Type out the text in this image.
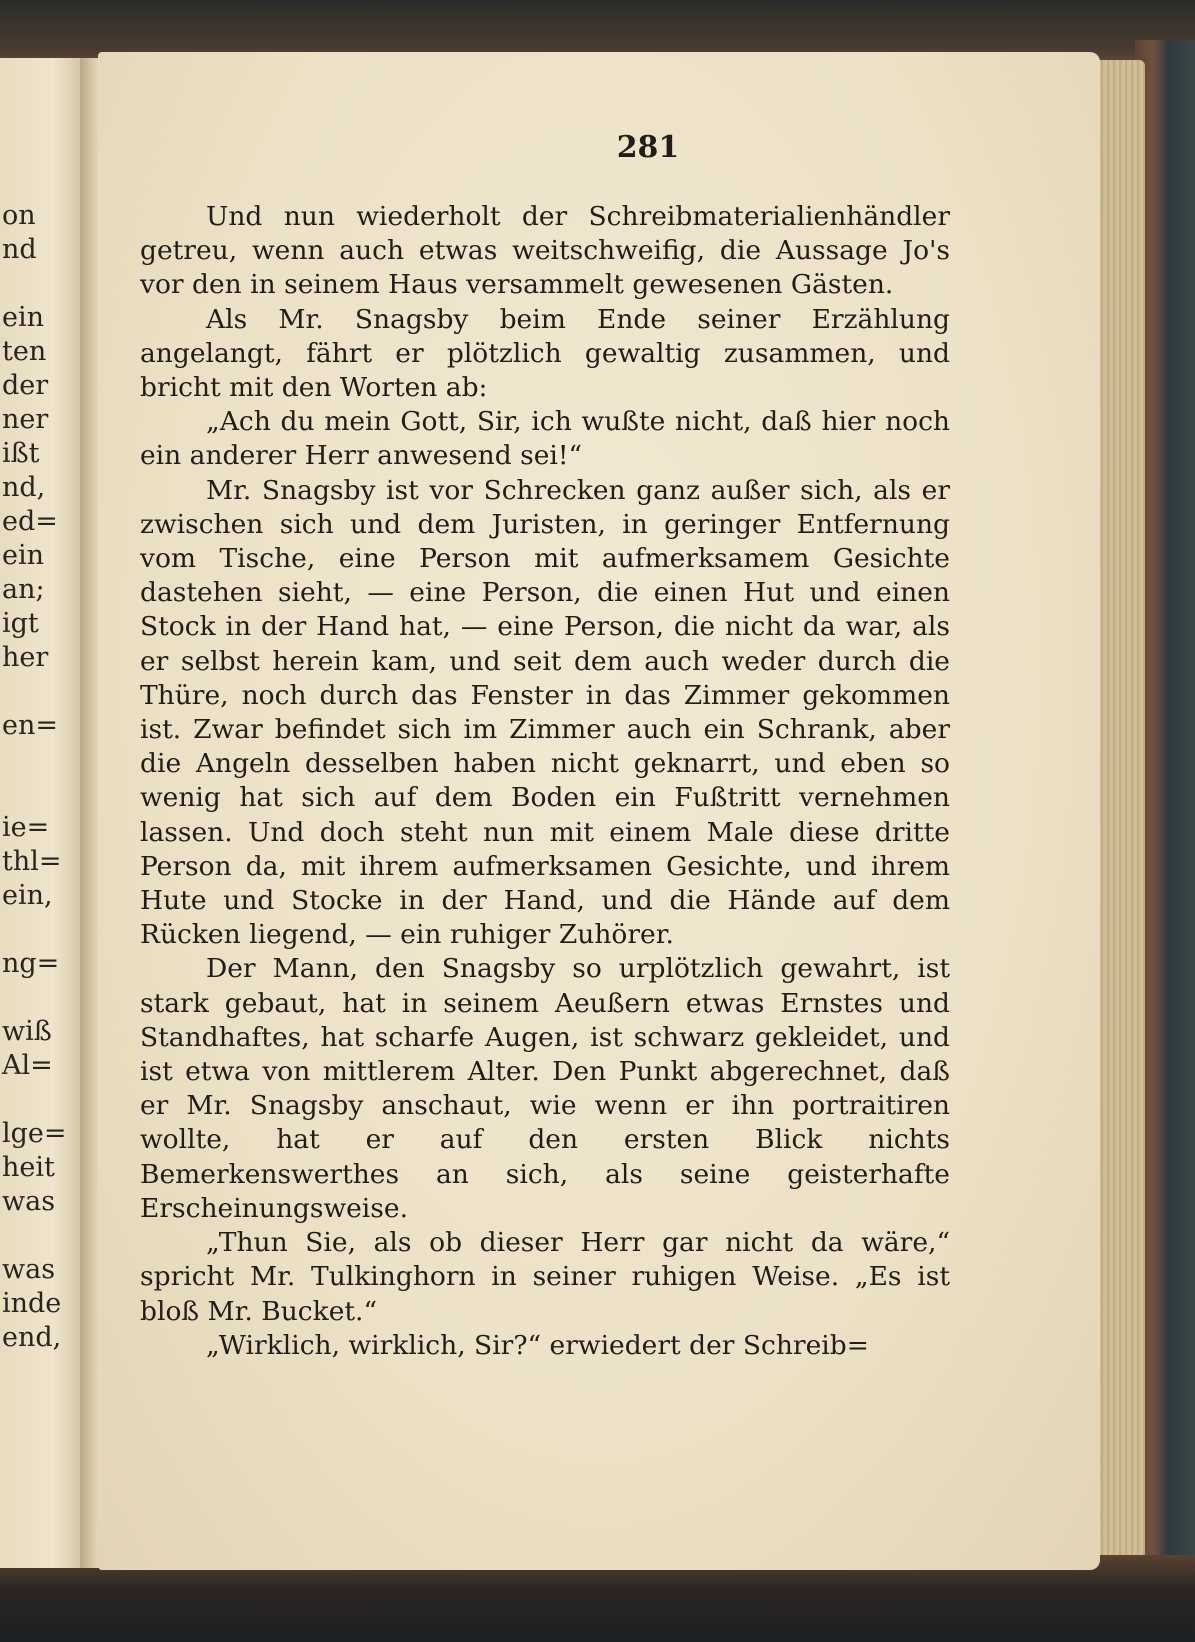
on
nd
ein
ten
der
ner
ißt
nd,
ed=
ein
an;
igt
her
en=
ie=
thl=
ein,
ng=
wiß
Al=
lge=
heit
was
was
inde
end,
281

Und nun wiederholt der Schreibmaterialienhändler getreu, wenn auch etwas weitschweifig, die Aussage Jo's vor den in seinem Haus versammelt gewesenen Gästen.

Als Mr. Snagsby beim Ende seiner Erzählung angelangt, fährt er plötzlich gewaltig zusammen, und bricht mit den Worten ab:

„Ach du mein Gott, Sir, ich wußte nicht, daß hier noch ein anderer Herr anwesend sei!“

Mr. Snagsby ist vor Schrecken ganz außer sich, als er zwischen sich und dem Juristen, in geringer Entfernung vom Tische, eine Person mit aufmerksamem Gesichte dastehen sieht, — eine Person, die einen Hut und einen Stock in der Hand hat, — eine Person, die nicht da war, als er selbst herein kam, und seit dem auch weder durch die Thüre, noch durch das Fenster in das Zimmer gekommen ist. Zwar befindet sich im Zimmer auch ein Schrank, aber die Angeln desselben haben nicht geknarrt, und eben so wenig hat sich auf dem Boden ein Fußtritt vernehmen lassen. Und doch steht nun mit einem Male diese dritte Person da, mit ihrem aufmerksamen Gesichte, und ihrem Hute und Stocke in der Hand, und die Hände auf dem Rücken liegend, — ein ruhiger Zuhörer.

Der Mann, den Snagsby so urplötzlich gewahrt, ist stark gebaut, hat in seinem Aeußern etwas Ernstes und Standhaftes, hat scharfe Augen, ist schwarz gekleidet, und ist etwa von mittlerem Alter. Den Punkt abgerechnet, daß er Mr. Snagsby anschaut, wie wenn er ihn portraitiren wollte, hat er auf den ersten Blick nichts Bemerkenswerthes an sich, als seine geisterhafte Erscheinungsweise.

„Thun Sie, als ob dieser Herr gar nicht da wäre,“ spricht Mr. Tulkinghorn in seiner ruhigen Weise. „Es ist bloß Mr. Bucket.“

„Wirklich, wirklich, Sir?“ erwiedert der Schreib=
